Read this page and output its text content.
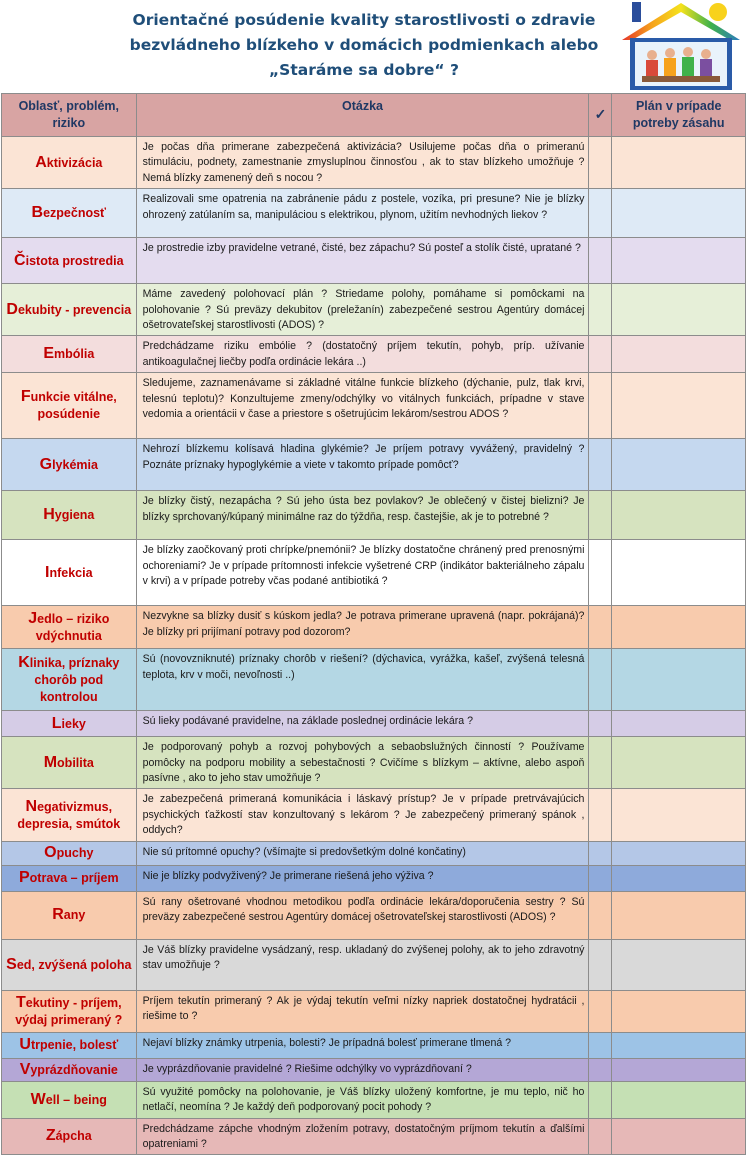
Orientačné posúdenie kvality starostlivosti o zdravie
bezvládneho blízkeho v domácich podmienkach alebo
„Staráme sa dobre“ ?
Oblasť, problém, riziko	Otázka	✓	Plán v prípade potreby zásahu
Aktivizácia	Je počas dňa primerane zabezpečená aktivizácia? Usilujeme počas dňa o primeranú stimuláciu, podnety, zamestnanie zmysluplnou činnosťou , ak to stav blízkeho umožňuje ? Nemá blízky zamenený deň s nocou ?		
Bezpečnosť	Realizovali sme opatrenia na zabránenie pádu z postele, vozíka, pri presune? Nie je blízky ohrozený zatúlaním sa, manipuláciou s elektrikou, plynom, užitím nevhodných liekov ?		
Čistota prostredia	Je prostredie izby pravidelne vetrané, čisté, bez zápachu? Sú posteľ a stolík čisté, upratané ?		
Dekubity - prevencia	Máme zavedený polohovací plán ? Striedame polohy, pomáhame si pomôckami na polohovanie ? Sú preväzy dekubitov (preležanín) zabezpečené sestrou Agentúry domácej ošetrovateľskej starostlivosti (ADOS) ?		
Embólia	Predchádzame riziku embólie ? (dostatočný príjem tekutín, pohyb, príp. užívanie antikoagulačnej liečby podľa ordinácie lekára ..)		
Funkcie vitálne, posúdenie	Sledujeme, zaznamenávame si základné vitálne funkcie blízkeho (dýchanie, pulz, tlak krvi, telesnú teplotu)? Konzultujeme zmeny/odchýlky vo vitálnych funkciách, prípadne v stave vedomia a orientácii v čase a priestore s ošetrujúcim lekárom/sestrou ADOS ?		
Glykémia	Nehrozí blízkemu kolísavá hladina glykémie? Je príjem potravy vyvážený, pravidelný ? Poznáte príznaky hypoglykémie a viete v takomto prípade pomôcť?		
Hygiena	Je blízky čistý, nezapácha ? Sú jeho ústa bez povlakov? Je oblečený v čistej bielizni? Je blízky sprchovaný/kúpaný minimálne raz do týždňa, resp. častejšie, ak je to potrebné ?		
Infekcia	Je blízky zaočkovaný proti chrípke/pnemónii? Je blízky dostatočne chránený pred prenosnými ochoreniami? Je v prípade prítomnosti infekcie vyšetrené CRP (indikátor bakteriálneho zápalu v krvi) a v prípade potreby včas podané antibiotiká ?		
Jedlo – riziko vdýchnutia	Nezvykne sa blízky dusiť s kúskom jedla? Je potrava primerane upravená (napr. pokrájaná)? Je blízky pri prijímaní potravy pod dozorom?		
Klinika, príznaky chorôb pod kontrolou	Sú (novovzniknuté) príznaky chorôb v riešení? (dýchavica, vyrážka, kašeľ, zvýšená telesná teplota, krv v moči, nevoľnosti ..)		
Lieky	Sú lieky podávané pravidelne, na základe poslednej ordinácie lekára ?		
Mobilita	Je podporovaný pohyb a rozvoj pohybových a sebaobslužných činností ? Používame pomôcky na podporu mobility a sebestačnosti ? Cvičíme s blízkym – aktívne, alebo aspoň pasívne , ako to jeho stav umožňuje ?		
Negativizmus, depresia, smútok	Je zabezpečená primeraná komunikácia i láskavý prístup? Je v prípade pretrvávajúcich psychických ťažkostí stav konzultovaný s lekárom ? Je zabezpečený primeraný spánok , oddych?		
Opuchy	Nie sú prítomné opuchy? (všímajte si predovšetkým dolné končatiny)		
Potrava – príjem	Nie je blízky podvyživený? Je primerane riešená jeho výživa ?		
Rany	Sú rany ošetrované vhodnou metodikou podľa ordinácie lekára/doporučenia sestry ? Sú preväzy zabezpečené sestrou Agentúry domácej ošetrovateľskej starostlivosti (ADOS) ?		
Sed, zvýšená poloha	Je Váš blízky pravidelne vysádzaný, resp. ukladaný do zvýšenej polohy, ak to jeho zdravotný stav umožňuje ?		
Tekutiny - príjem, výdaj primeraný ?	Príjem tekutín primeraný ? Ak je výdaj tekutín veľmi nízky napriek dostatočnej hydratácii , riešime to ?		
Utrpenie, bolesť	Nejaví blízky známky utrpenia, bolesti? Je prípadná bolesť primerane tlmená ?		
Vyprázdňovanie	Je vyprázdňovanie pravidelné ? Riešime odchýlky vo vyprázdňovaní ?		
Well – being	Sú využité pomôcky na polohovanie, je Váš blízky uložený komfortne, je mu teplo, nič ho netlačí, neomína ? Je každý deň podporovaný pocit pohody ?		
Zápcha	Predchádzame zápche vhodným zložením potravy, dostatočným príjmom tekutín a ďalšími opatreniami ?		
